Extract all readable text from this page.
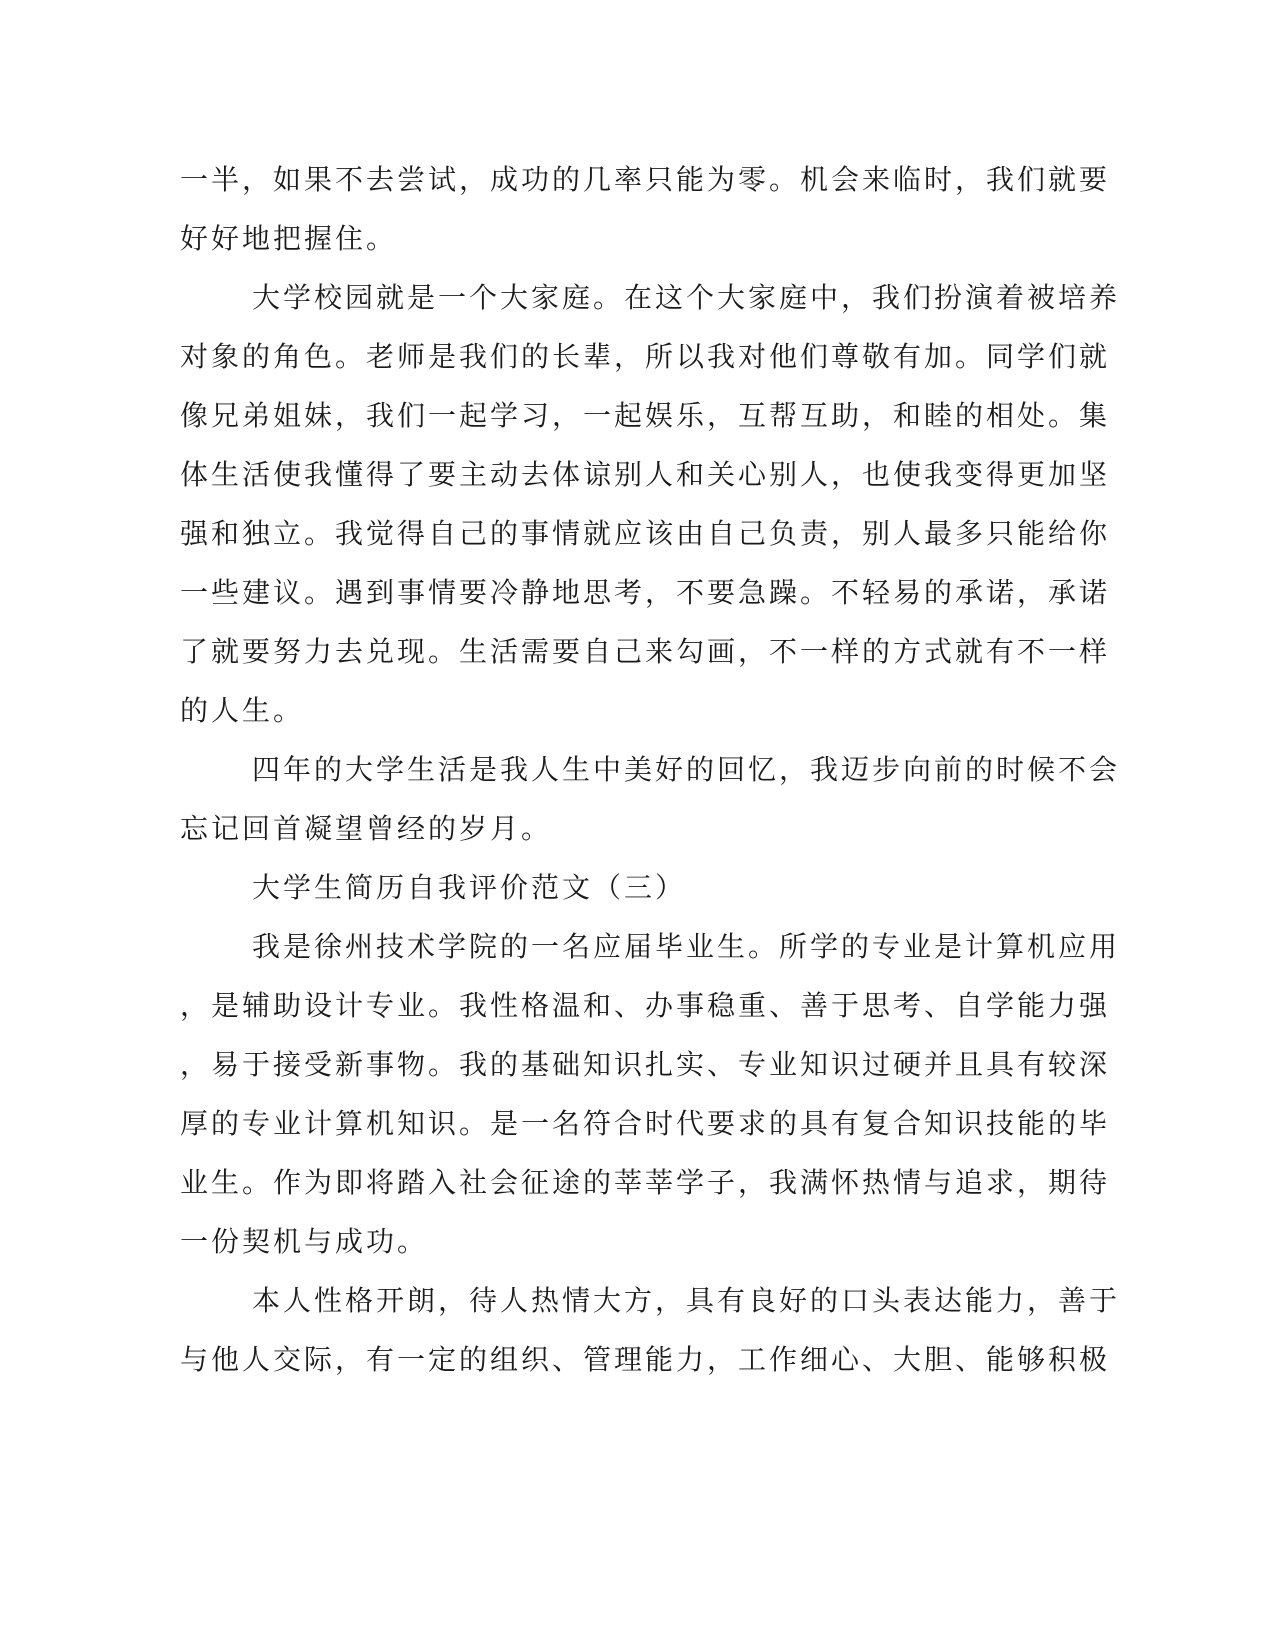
一半，如果不去尝试，成功的几率只能为零。机会来临时，我们就要
好好地把握住。
大学校园就是一个大家庭。在这个大家庭中，我们扮演着被培养
对象的角色。老师是我们的长辈，所以我对他们尊敬有加。同学们就
像兄弟姐妹，我们一起学习，一起娱乐，互帮互助，和睦的相处。集
体生活使我懂得了要主动去体谅别人和关心别人，也使我变得更加坚
强和独立。我觉得自己的事情就应该由自己负责，别人最多只能给你
一些建议。遇到事情要冷静地思考，不要急躁。不轻易的承诺，承诺
了就要努力去兑现。生活需要自己来勾画，不一样的方式就有不一样
的人生。
四年的大学生活是我人生中美好的回忆，我迈步向前的时候不会
忘记回首凝望曾经的岁月。
大学生简历自我评价范文（三）
我是徐州技术学院的一名应届毕业生。所学的专业是计算机应用
，是辅助设计专业。我性格温和、办事稳重、善于思考、自学能力强
，易于接受新事物。我的基础知识扎实、专业知识过硬并且具有较深
厚的专业计算机知识。是一名符合时代要求的具有复合知识技能的毕
业生。作为即将踏入社会征途的莘莘学子，我满怀热情与追求，期待
一份契机与成功。
本人性格开朗，待人热情大方，具有良好的口头表达能力，善于
与他人交际，有一定的组织、管理能力，工作细心、大胆、能够积极
